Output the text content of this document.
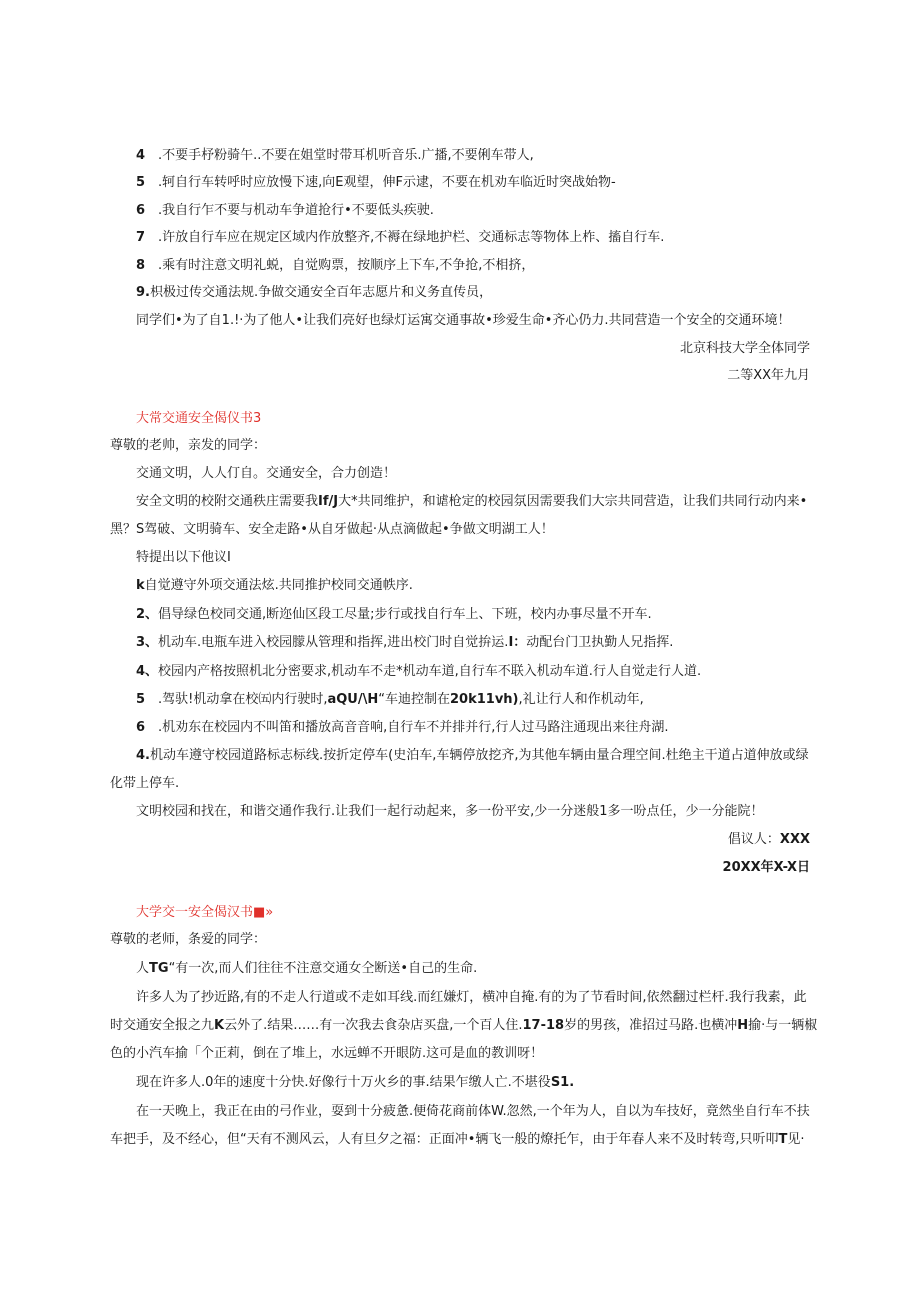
4 .不要手杼粉骑午..不要在姐堂时带耳机听音乐.广播,不要俐车带人,
5 .轲自行车转呼时应放慢下速,向E观望，伸F示逮，不要在机劝车临近时突战始物-
6 .我自行乍不要与机动车争道抢行•不要低头疾驶.
7 .许放自行车应在规定区域内作放整齐,不褥在绿地护栏、交通标志等物体上柞、搐自行车.
8 .乘有时注意文明礼蜕，自觉购票，按顺序上下车,不争抢,不相挤，
9.枳极过传交通法规.争做交通安全百年志愿片和义务直传员，
同学们•为了自1.!·为了他人•让我们亮好也绿灯运寓交通事故•珍爱生命•齐心仍力.共同营造一个安全的交通环境！
北京科技大学全体同学
二等XX年九月
大常交通安全偈仪书3
尊敬的老帅，亲发的同学：
交通文明，人人仃自。交通安全，合力创造！
安全文明的校附交通秩庄需要我If/J大*共同维护，和谑枪定的校园氛因需要我们大宗共同营造，让我们共同行动内来•
黑？S驾破、文明骑车、安全走路•从自牙做起·从点滴做起•争做文明湖工人！
特提出以下他议I
k自觉遵守外项交通法炫.共同推护校同交通帙序.
2、倡导绿色校同交通,断迩仙区段工尽量;步行或找自行车上、下班，校内办事尽量不开车.
3、机动车.电瓶车进入校园朦从管理和指挥,进出校门时自觉拚运.I：动配台门卫执勤人兄指挥.
4、校园内产格按照机北分密要求,机动车不走*机动车道,自行车不联入机动车道.行人自觉走行人道.
5 .驾驮!机动拿在校㈤内行驶时,aQU/\H“车迪控制在20k11vh),礼让行人和作机动年,
6 .机劝东在校园内不叫笛和播放高音音响,自行车不并排并行,行人过马路注通现出来往舟湖.
4.机动车遵守校园道路标志标线.按折定停车(史泊车,车辆停放挖齐,为其他车辆由量合理空间.杜绝主干道占道伸放或绿
化带上停车.
文明校园和找在，和谐交通作我行.让我们一起行动起来，多一份平安,少一分迷般1多一吩点任，少一分能院！
倡议人：XXX
20XX年X-X日
大学交一安全偈汉书■»
尊敬的老师，条爱的同学：
人TG“有一次,而人们往往不注意交通女仝断送•自己的生命.
许多人为了抄近路,有的不走人行道或不走如耳线.而红嫌灯，横冲自掩.有的为了节看时间,依然翻过栏杆.我行我素，此
时交通安全报之九K云外了.结果……有一次我去食杂店买盘,一个百人住.17-18岁的男孩，准招过马路.也横冲H揄·与一辆椒
色的小汽车揄「个正莉，倒在了堆上，水远蝉不开眼防.这可是血的教训呀！
现在许多人.0年的速度十分快.好像行十万火乡的事.结果乍缴人亡.不堪役S1.
在一天晚上，我正在由的弓作业，耍到十分疲惫.便倚花商前体W.忽然,一个年为人，自以为车技好，竟然坐自行车不扶
车把手，及不经心，但“天有不测风云，人有旦夕之福：正面冲•辆飞一般的燎托乍，由于年春人来不及时转弯,只听叩T见·
